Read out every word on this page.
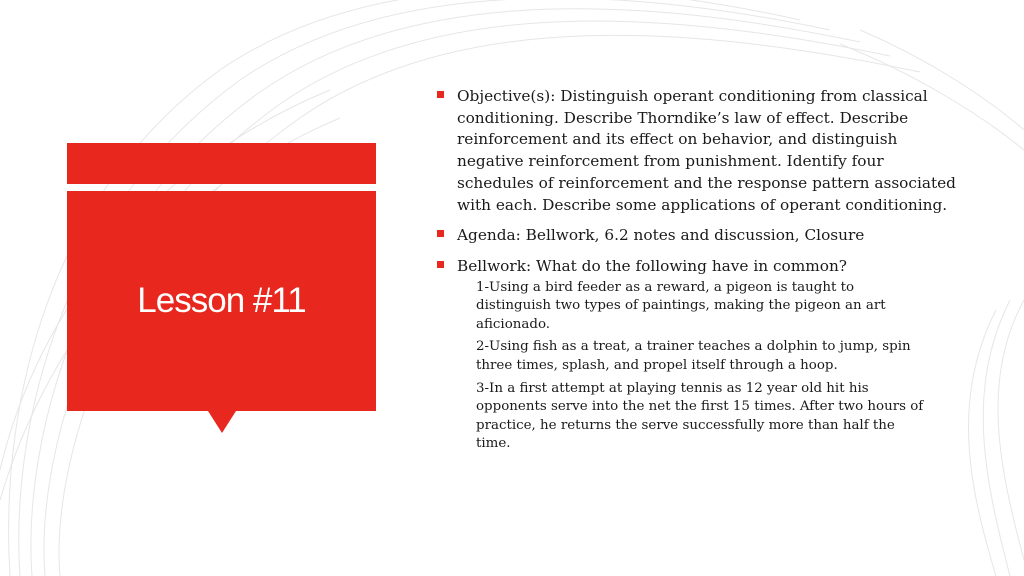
Lesson #11
Objective(s): Distinguish operant conditioning from classical conditioning. Describe Thorndike’s law of effect. Describe reinforcement and its effect on behavior, and distinguish negative reinforcement from punishment. Identify four schedules of reinforcement and the response pattern associated with each. Describe some applications of operant conditioning.
Agenda: Bellwork, 6.2 notes and discussion, Closure
Bellwork: What do the following have in common?
1-Using a bird feeder as a reward, a pigeon is taught to distinguish two types of paintings, making the pigeon an art aficionado.
2-Using fish as a treat, a trainer teaches a dolphin to jump, spin three times, splash, and propel itself through a hoop.
3-In a first attempt at playing tennis as 12 year old hit his opponents serve into the net the first 15 times. After two hours of practice, he returns the serve successfully more than half the time.
